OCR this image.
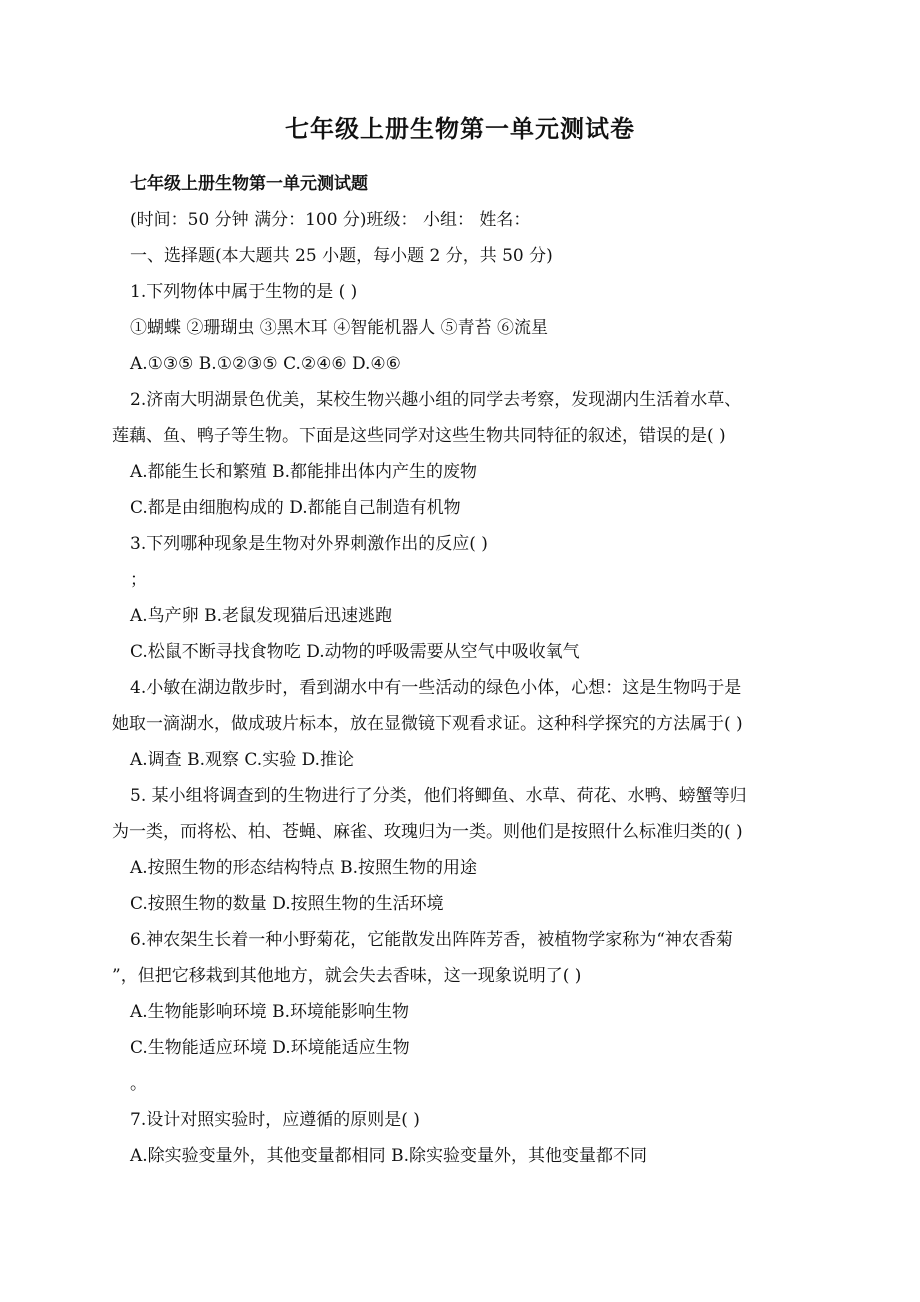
七年级上册生物第一单元测试卷
七年级上册生物第一单元测试题
(时间：50 分钟 满分：100 分)班级： 小组： 姓名：
一、选择题(本大题共 25 小题，每小题 2 分，共 50 分)
1.下列物体中属于生物的是 ( )
①蝴蝶 ②珊瑚虫 ③黑木耳 ④智能机器人 ⑤青苔 ⑥流星
A.①③⑤ B.①②③⑤ C.②④⑥ D.④⑥
2.济南大明湖景色优美，某校生物兴趣小组的同学去考察，发现湖内生活着水草、
莲藕、鱼、鸭子等生物。下面是这些同学对这些生物共同特征的叙述，错误的是( )
A.都能生长和繁殖 B.都能排出体内产生的废物
C.都是由细胞构成的 D.都能自己制造有机物
3.下列哪种现象是生物对外界刺激作出的反应( )
；
A.鸟产卵 B.老鼠发现猫后迅速逃跑
C.松鼠不断寻找食物吃 D.动物的呼吸需要从空气中吸收氧气
4.小敏在湖边散步时，看到湖水中有一些活动的绿色小体，心想：这是生物吗于是
她取一滴湖水，做成玻片标本，放在显微镜下观看求证。这种科学探究的方法属于( )
A.调查 B.观察 C.实验 D.推论
5. 某小组将调查到的生物进行了分类，他们将鲫鱼、水草、荷花、水鸭、螃蟹等归
为一类，而将松、柏、苍蝇、麻雀、玫瑰归为一类。则他们是按照什么标准归类的( )
A.按照生物的形态结构特点 B.按照生物的用途
C.按照生物的数量 D.按照生物的生活环境
6.神农架生长着一种小野菊花，它能散发出阵阵芳香，被植物学家称为“神农香菊
”，但把它移栽到其他地方，就会失去香味，这一现象说明了( )
A.生物能影响环境 B.环境能影响生物
C.生物能适应环境 D.环境能适应生物
。
7.设计对照实验时，应遵循的原则是( )
A.除实验变量外，其他变量都相同 B.除实验变量外，其他变量都不同
